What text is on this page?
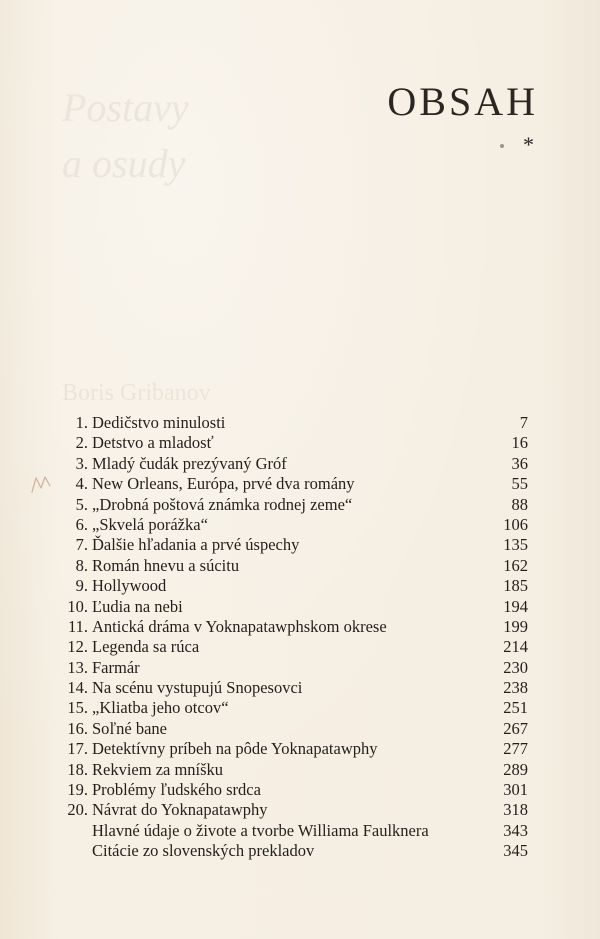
Postavy
a osudy
Boris Gribanov
OBSAH
*
1. Dedičstvo minulosti	7
2. Detstvo a mladosť	16
3. Mladý čudák prezývaný Gróf	36
4. New Orleans, Európa, prvé dva romány	55
5. „Drobná poštová známka rodnej zeme“	88
6. „Skvelá porážka“	106
7. Ďalšie hľadania a prvé úspechy	135
8. Román hnevu a súcitu	162
9. Hollywood	185
10. Ľudia na nebi	194
11. Antická dráma v Yoknapatawphskom okrese	199
12. Legenda sa rúca	214
13. Farmár	230
14. Na scénu vystupujú Snopesovci	238
15. „Kliatba jeho otcov“	251
16. Soľné bane	267
17. Detektívny príbeh na pôde Yoknapatawphy	277
18. Rekviem za mníšku	289
19. Problémy ľudského srdca	301
20. Návrat do Yoknapatawphy	318
Hlavné údaje o živote a tvorbe Williama Faulknera	343
Citácie zo slovenských prekladov	345
